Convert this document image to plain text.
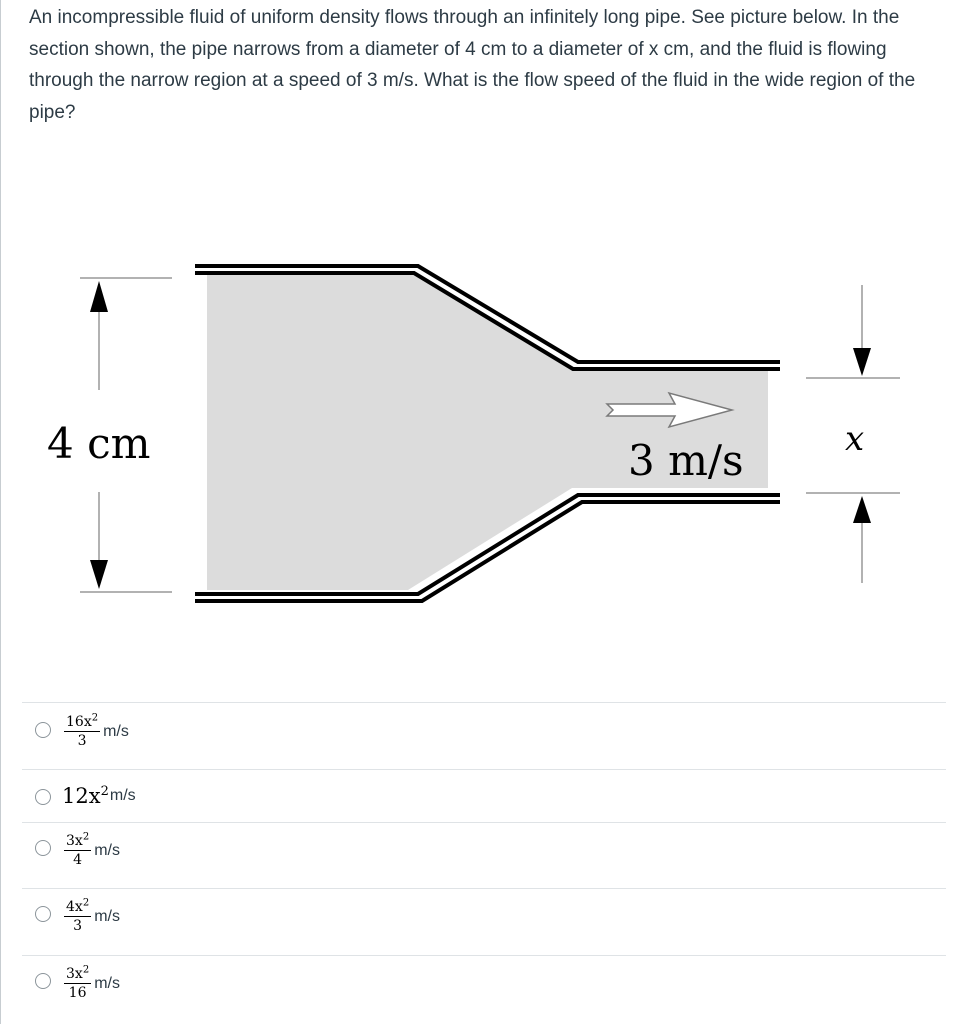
An incompressible fluid of uniform density flows through an infinitely long pipe. See picture below. In the section shown, the pipe narrows from a diameter of 4 cm to a diameter of x cm, and the fluid is flowing through the narrow region at a speed of 3 m/s. What is the flow speed of the fluid in the wide region of the pipe?
4 cm	x
3 m/s
$\frac{16x^2}{3} m/s$
$12x^2m/s$
$\frac{3x^2}{4} m/s$
$\frac{4x^2}{3} m/s$
$\frac{3x^2}{16} m/s$
